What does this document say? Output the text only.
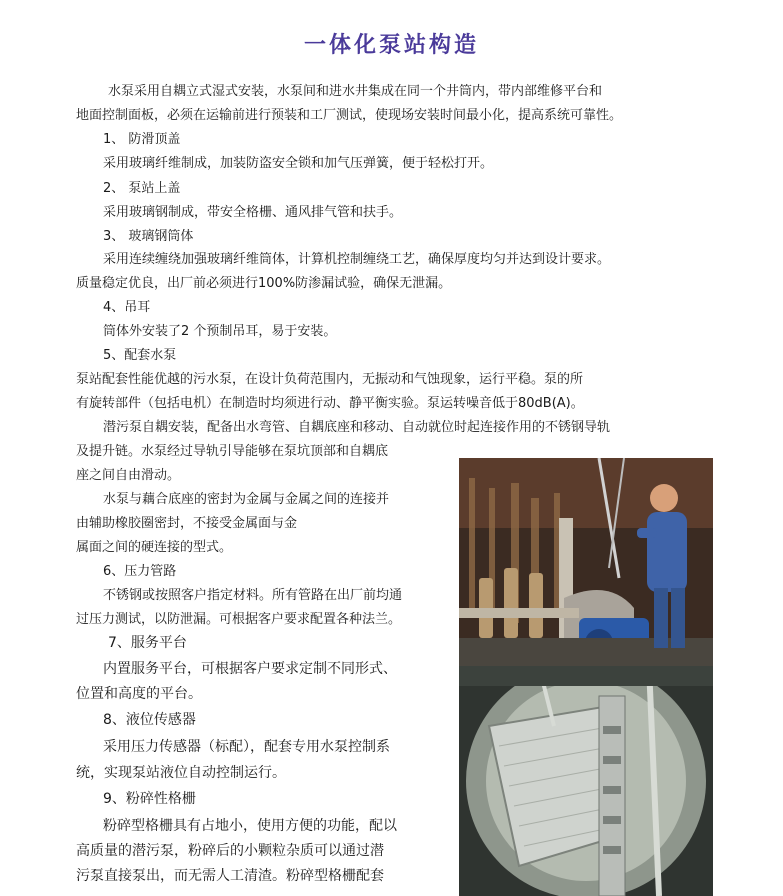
一体化泵站构造
水泵采用自耦立式湿式安装，水泵间和进水井集成在同一个井筒内，带内部维修平台和
地面控制面板，必须在运输前进行预装和工厂测试，使现场安装时间最小化，提高系统可靠性。
1、 防滑顶盖
采用玻璃纤维制成，加装防盗安全锁和加气压弹簧，便于轻松打开。
2、 泵站上盖
采用玻璃钢制成，带安全格栅、通风排气管和扶手。
3、 玻璃钢筒体
采用连续缠绕加强玻璃纤维筒体，计算机控制缠绕工艺，确保厚度均匀并达到设计要求。
质量稳定优良，出厂前必须进行100%防渗漏试验，确保无泄漏。
4、吊耳
筒体外安装了2 个预制吊耳，易于安装。
5、配套水泵
泵站配套性能优越的污水泵，在设计负荷范围内，无振动和气蚀现象，运行平稳。泵的所
有旋转部件（包括电机）在制造时均须进行动、静平衡实验。泵运转噪音低于80dB(A)。
潜污泵自耦安装，配备出水弯管、自耦底座和移动、自动就位时起连接作用的不锈钢导轨
及提升链。水泵经过导轨引导能够在泵坑顶部和自耦底
座之间自由滑动。
水泵与藕合底座的密封为金属与金属之间的连接并
由辅助橡胶圈密封，不接受金属面与金
属面之间的硬连接的型式。
6、压力管路
不锈钢或按照客户指定材料。所有管路在出厂前均通
过压力测试，以防泄漏。可根据客户要求配置各种法兰。
7、服务平台
内置服务平台，可根据客户要求定制不同形式、
位置和高度的平台。
8、液位传感器
采用压力传感器（标配），配套专用水泵控制系
统，实现泵站液位自动控制运行。
9、粉碎性格栅
粉碎型格栅具有占地小，使用方便的功能，配以
高质量的潜污泵，粉碎后的小颗粒杂质可以通过潜
污泵直接泵出，而无需人工清渣。粉碎型格栅配套
